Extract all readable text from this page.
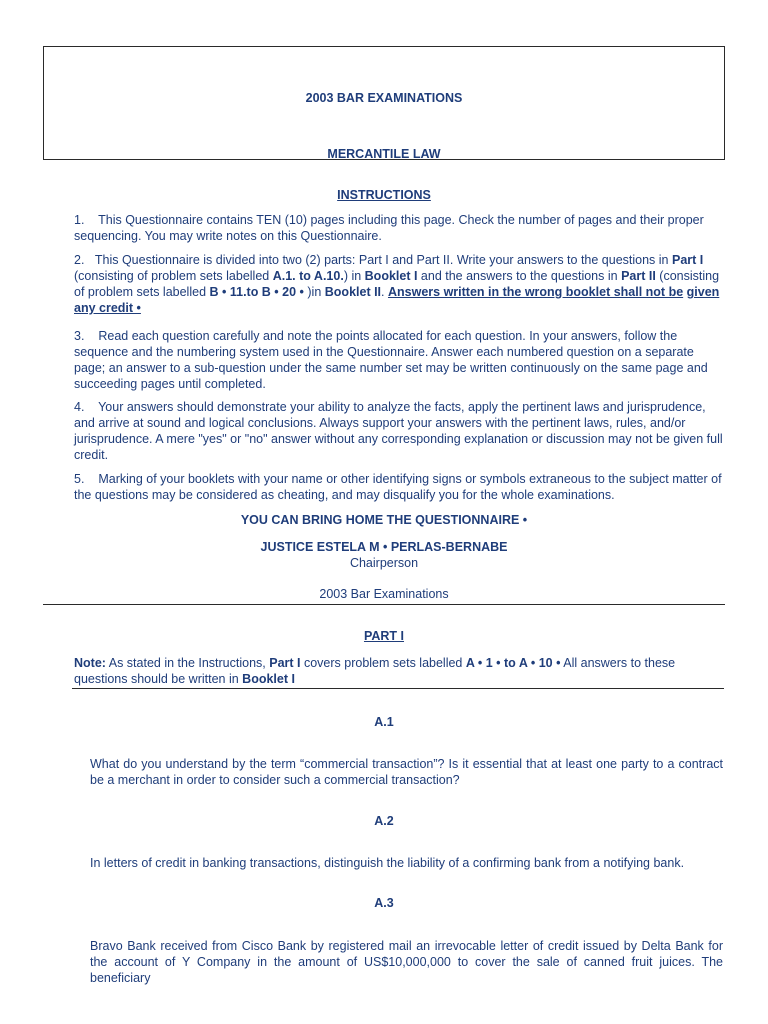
2003 BAR EXAMINATIONS
MERCANTILE LAW
INSTRUCTIONS
1. This Questionnaire contains TEN (10) pages including this page. Check the number of pages and their proper sequencing. You may write notes on this Questionnaire.
2. This Questionnaire is divided into two (2) parts: Part I and Part II. Write your answers to the questions in Part I (consisting of problem sets labelled A.1. to A.10.) in Booklet I and the answers to the questions in Part II (consisting of problem sets labelled B • 11.to B • 20 • )in Booklet II. Answers written in the wrong booklet shall not be given any credit •
3. Read each question carefully and note the points allocated for each question. In your answers, follow the sequence and the numbering system used in the Questionnaire. Answer each numbered question on a separate page; an answer to a sub-question under the same number set may be written continuously on the same page and succeeding pages until completed.
4. Your answers should demonstrate your ability to analyze the facts, apply the pertinent laws and jurisprudence, and arrive at sound and logical conclusions. Always support your answers with the pertinent laws, rules, and/or jurisprudence. A mere "yes" or "no" answer without any corresponding explanation or discussion may not be given full credit.
5. Marking of your booklets with your name or other identifying signs or symbols extraneous to the subject matter of the questions may be considered as cheating, and may disqualify you for the whole examinations.
YOU CAN BRING HOME THE QUESTIONNAIRE •
JUSTICE ESTELA M • PERLAS-BERNABE
Chairperson
2003 Bar Examinations
PART I
Note: As stated in the Instructions, Part I covers problem sets labelled A • 1 • to A • 10 • All answers to these questions should be written in Booklet I
A.1
What do you understand by the term “commercial transaction”? Is it essential that at least one party to a contract be a merchant in order to consider such a commercial transaction?
A.2
In letters of credit in banking transactions, distinguish the liability of a confirming bank from a notifying bank.
A.3
Bravo Bank received from Cisco Bank by registered mail an irrevocable letter of credit issued by Delta Bank for the account of Y Company in the amount of US$10,000,000 to cover the sale of canned fruit juices. The beneficiary
